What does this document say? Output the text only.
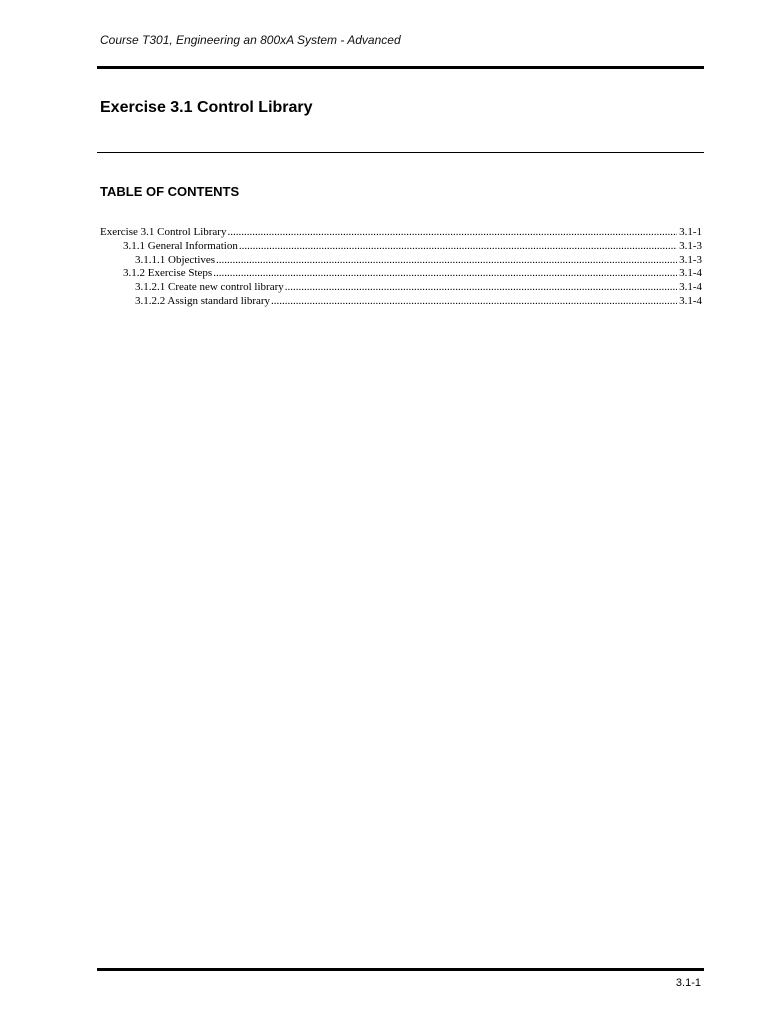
Course T301, Engineering an 800xA System - Advanced
Exercise 3.1 Control Library
TABLE OF CONTENTS
Exercise 3.1 Control Library .....	3.1-1
3.1.1 General Information .....	3.1-3
3.1.1.1 Objectives .....	3.1-3
3.1.2 Exercise Steps .....	3.1-4
3.1.2.1 Create new control library .....	3.1-4
3.1.2.2 Assign standard library .....	3.1-4
3.1-1
